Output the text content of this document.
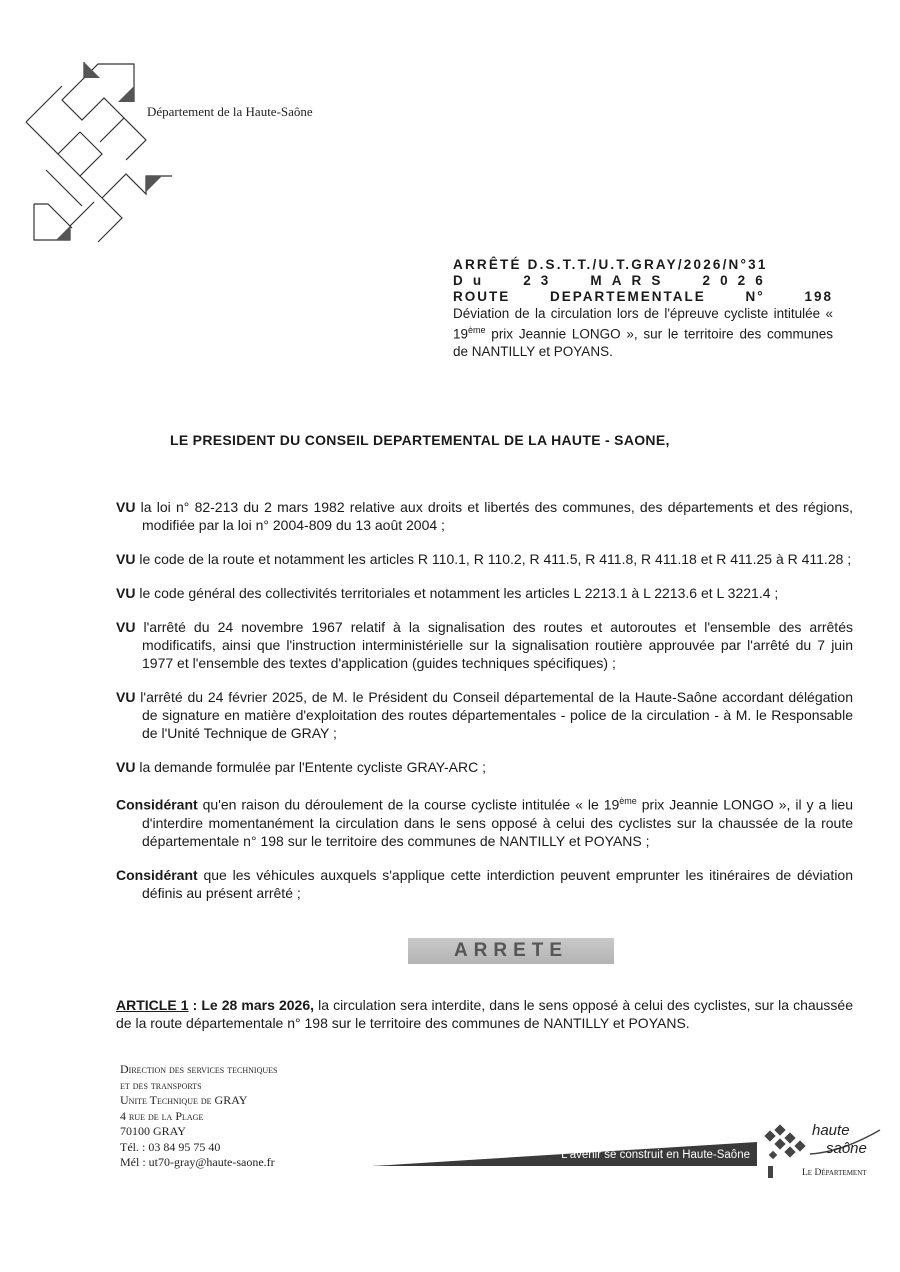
Département de la Haute-Saône
ARRÊTÉ D.S.T.T./U.T.GRAY/2026/N°31
D u	2 3	M A R S	2 0 2 6
ROUTE	DEPARTEMENTALE	N°	198
Déviation de la circulation lors de l'épreuve cycliste intitulée « 19ème prix Jeannie LONGO », sur le territoire des communes de NANTILLY et POYANS.
LE PRESIDENT DU CONSEIL DEPARTEMENTAL DE LA HAUTE - SAONE,
VU la loi n° 82-213 du 2 mars 1982 relative aux droits et libertés des communes, des départements et des régions, modifiée par la loi n° 2004-809 du 13 août 2004 ;
VU le code de la route et notamment les articles R 110.1, R 110.2, R 411.5, R 411.8, R 411.18 et R 411.25 à R 411.28 ;
VU le code général des collectivités territoriales et notamment les articles L 2213.1 à L 2213.6 et L 3221.4 ;
VU l'arrêté du 24 novembre 1967 relatif à la signalisation des routes et autoroutes et l'ensemble des arrêtés modificatifs, ainsi que l'instruction interministérielle sur la signalisation routière approuvée par l'arrêté du 7 juin 1977 et l'ensemble des textes d'application (guides techniques spécifiques) ;
VU l'arrêté du 24 février 2025, de M. le Président du Conseil départemental de la Haute-Saône accordant délégation de signature en matière d'exploitation des routes départementales - police de la circulation - à M. le Responsable de l'Unité Technique de GRAY ;
VU la demande formulée par l'Entente cycliste GRAY-ARC ;
Considérant qu'en raison du déroulement de la course cycliste intitulée « le 19ème prix Jeannie LONGO », il y a lieu d'interdire momentanément la circulation dans le sens opposé à celui des cyclistes sur la chaussée de la route départementale n° 198 sur le territoire des communes de NANTILLY et POYANS ;
Considérant que les véhicules auxquels s'applique cette interdiction peuvent emprunter les itinéraires de déviation définis au présent arrêté ;
ARRETE
ARTICLE 1 : Le 28 mars 2026, la circulation sera interdite, dans le sens opposé à celui des cyclistes, sur la chaussée de la route départementale n° 198 sur le territoire des communes de NANTILLY et POYANS.
Direction des services techniques
et des transports
Unite Technique de GRAY
4 rue de la Plage
70100 GRAY
Tél. : 03 84 95 75 40
Mél : ut70-gray@haute-saone.fr	L'avenir se construit en Haute-Saône
haute
saône
Le Département
